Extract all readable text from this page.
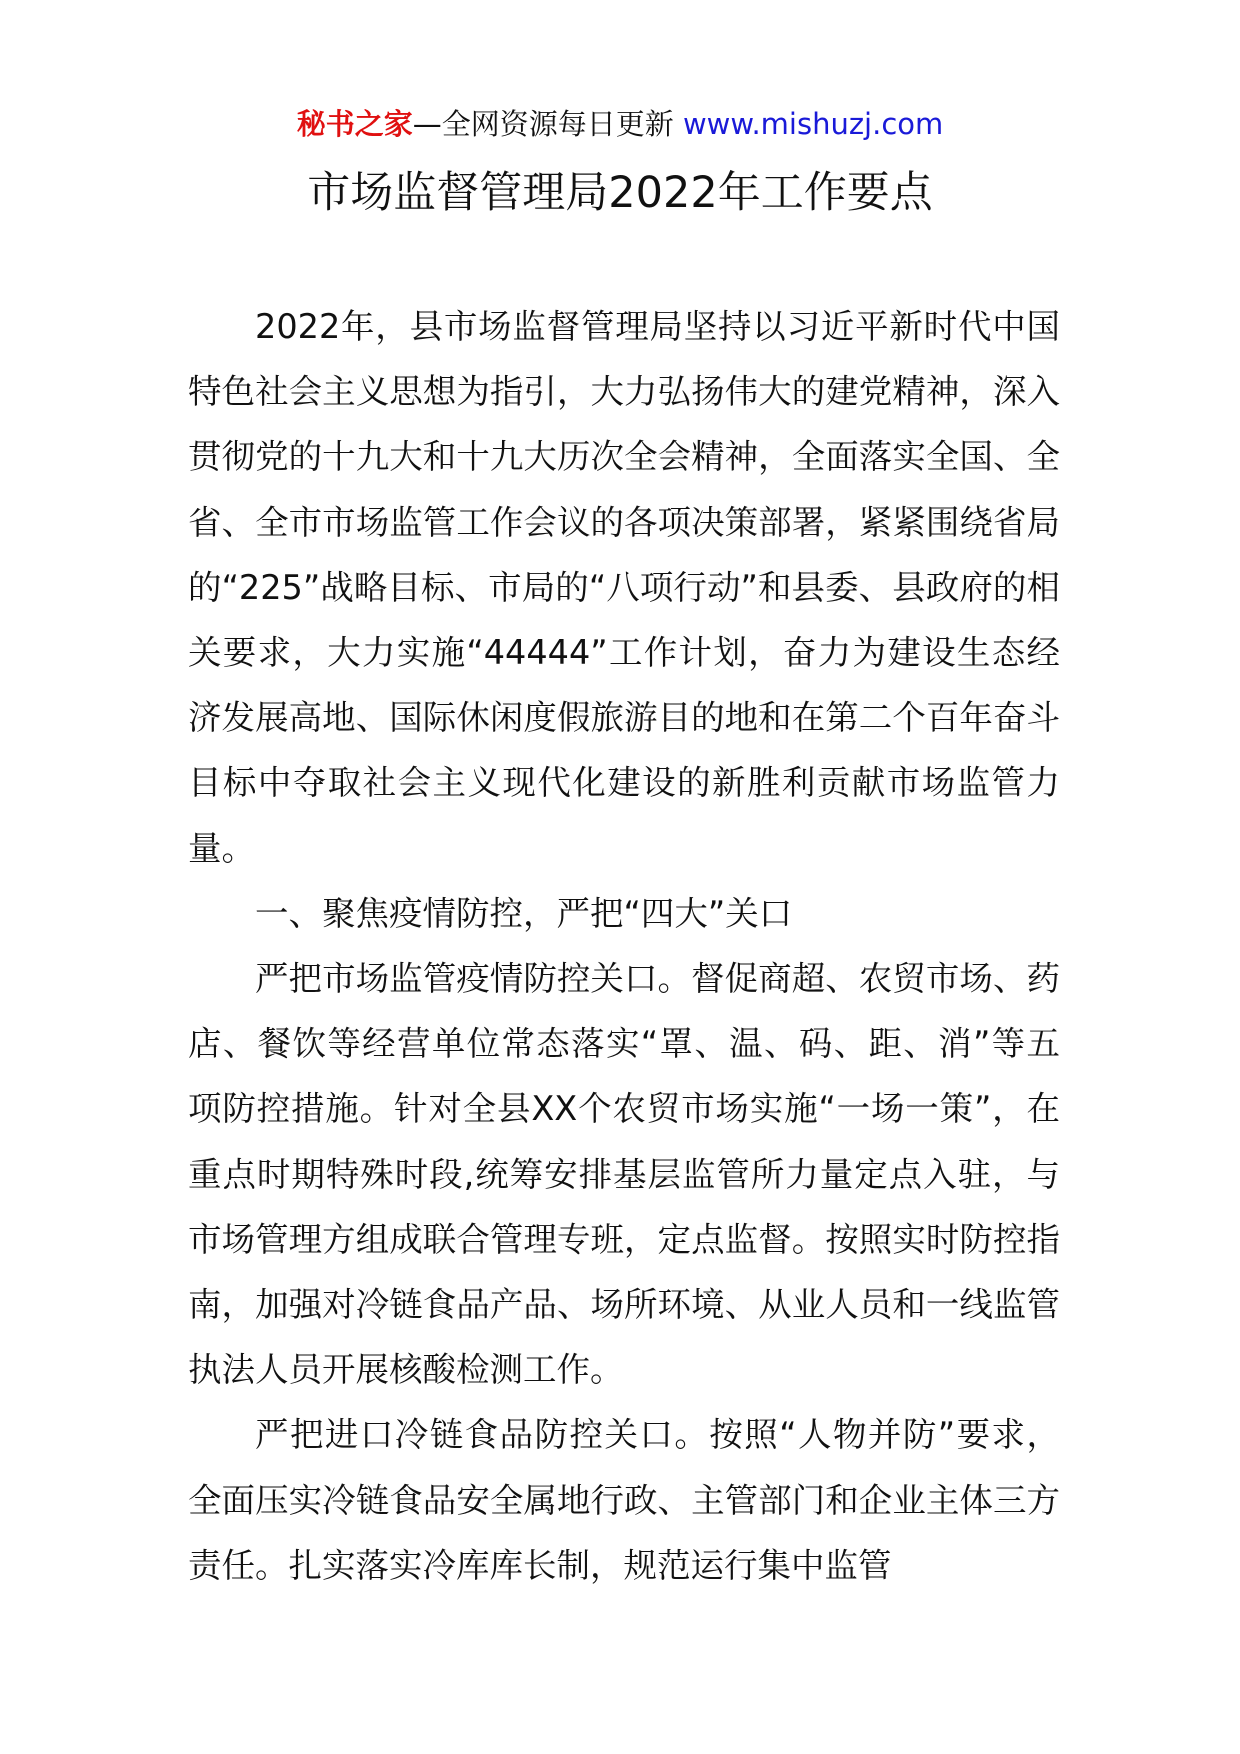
秘书之家—全网资源每日更新 www.mishuzj.com
市场监督管理局2022年工作要点

2022年，县市场监督管理局坚持以习近平新时代中国特色社会主义思想为指引，大力弘扬伟大的建党精神，深入贯彻党的十九大和十九大历次全会精神，全面落实全国、全省、全市市场监管工作会议的各项决策部署，紧紧围绕省局的“225”战略目标、市局的“八项行动”和县委、县政府的相关要求，大力实施“44444”工作计划，奋力为建设生态经济发展高地、国际休闲度假旅游目的地和在第二个百年奋斗目标中夺取社会主义现代化建设的新胜利贡献市场监管力量。

一、聚焦疫情防控，严把“四大”关口

严把市场监管疫情防控关口。督促商超、农贸市场、药店、餐饮等经营单位常态落实“罩、温、码、距、消”等五项防控措施。针对全县XX个农贸市场实施“一场一策”，在重点时期特殊时段,统筹安排基层监管所力量定点入驻，与市场管理方组成联合管理专班，定点监督。按照实时防控指南，加强对冷链食品产品、场所环境、从业人员和一线监管执法人员开展核酸检测工作。

严把进口冷链食品防控关口。按照“人物并防”要求，全面压实冷链食品安全属地行政、主管部门和企业主体三方责任。扎实落实冷库库长制，规范运行集中监管
